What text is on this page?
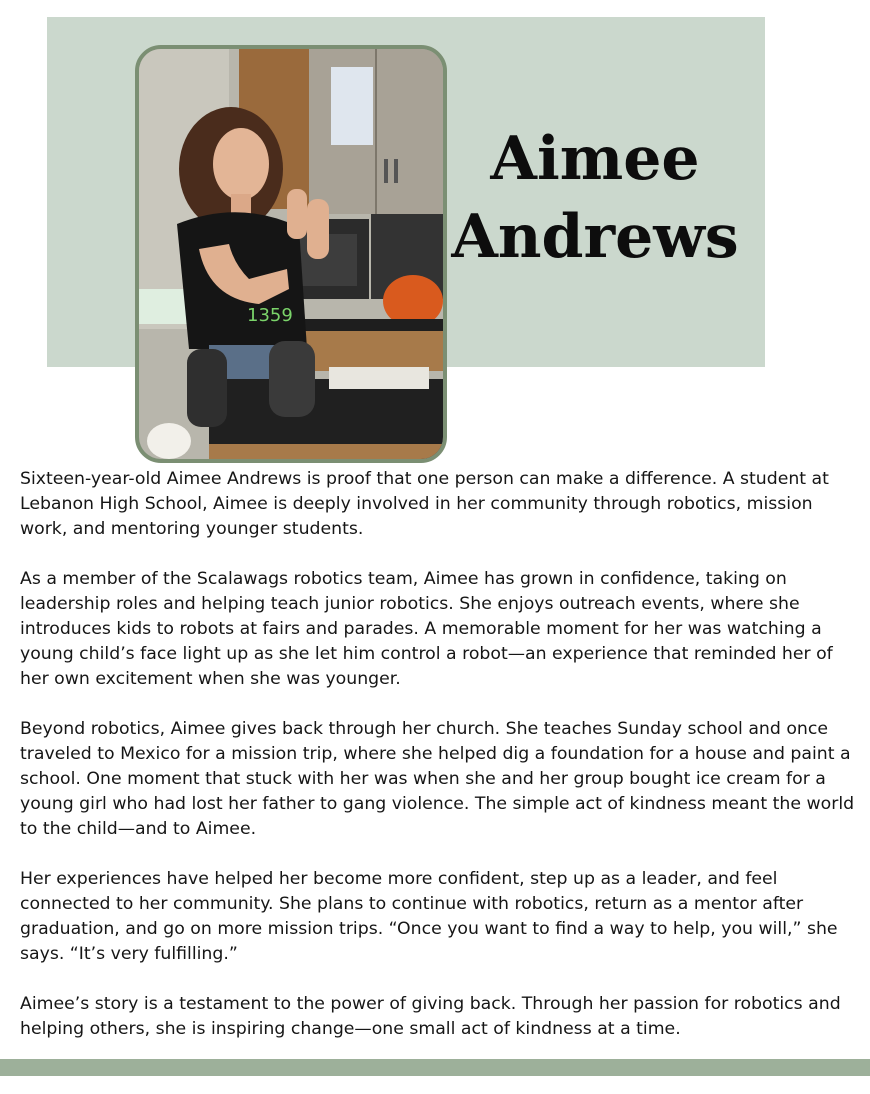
1359
Aimee
Andrews

Sixteen-year-old Aimee Andrews is proof that one person can make a difference. A student at Lebanon High School, Aimee is deeply involved in her community through robotics, mission work, and mentoring younger students.

As a member of the Scalawags robotics team, Aimee has grown in confidence, taking on leadership roles and helping teach junior robotics. She enjoys outreach events, where she introduces kids to robots at fairs and parades. A memorable moment for her was watching a young child’s face light up as she let him control a robot—an experience that reminded her of her own excitement when she was younger.

Beyond robotics, Aimee gives back through her church. She teaches Sunday school and once traveled to Mexico for a mission trip, where she helped dig a foundation for a house and paint a school. One moment that stuck with her was when she and her group bought ice cream for a young girl who had lost her father to gang violence. The simple act of kindness meant the world to the child—and to Aimee.

Her experiences have helped her become more confident, step up as a leader, and feel connected to her community. She plans to continue with robotics, return as a mentor after graduation, and go on more mission trips. “Once you want to find a way to help, you will,” she says. “It’s very fulfilling.”

Aimee’s story is a testament to the power of giving back. Through her passion for robotics and helping others, she is inspiring change—one small act of kindness at a time.
